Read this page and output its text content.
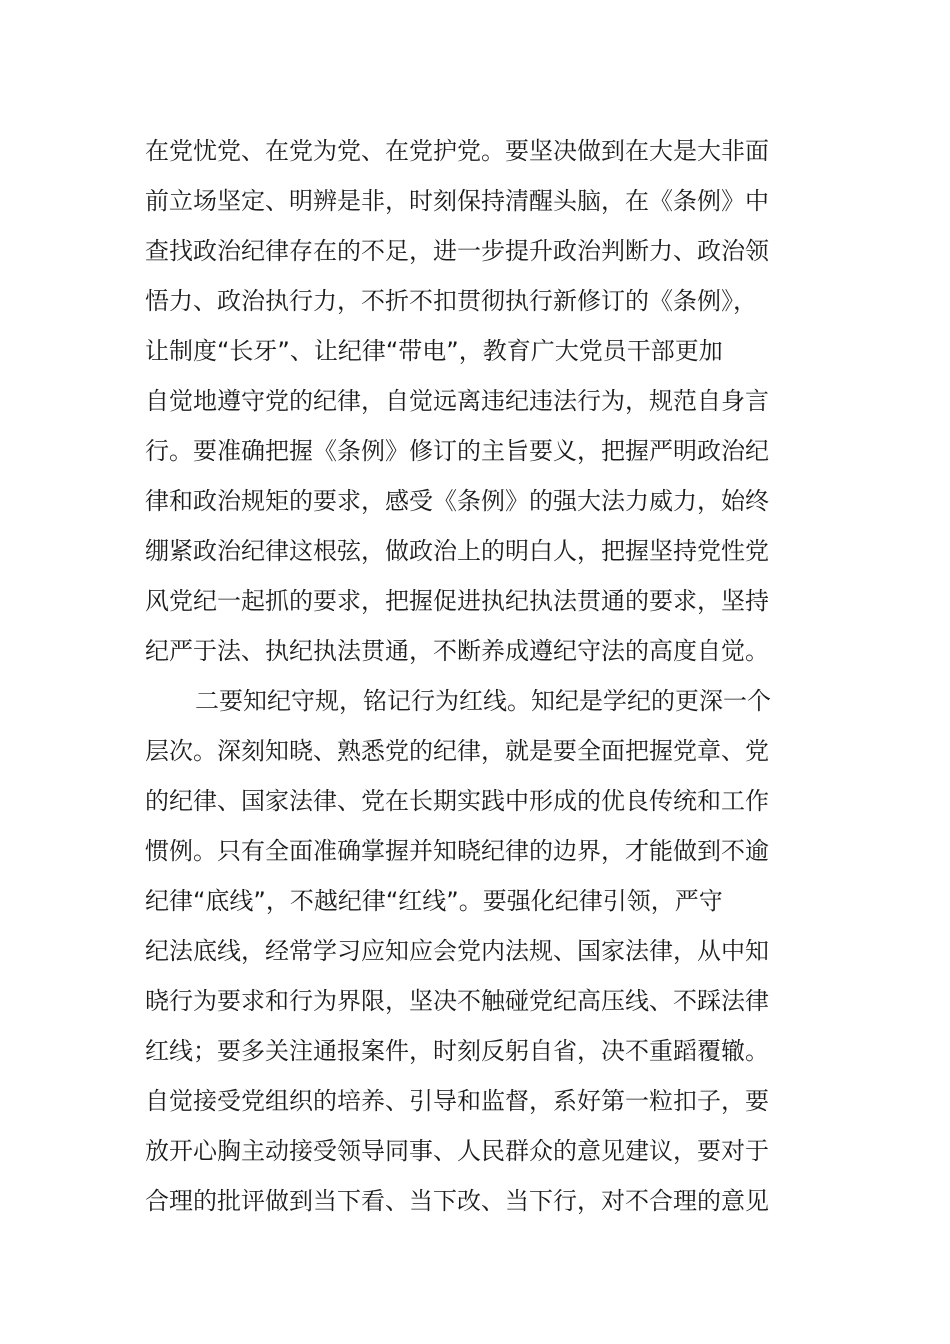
在党忧党、在党为党、在党护党。要坚决做到在大是大非面
前立场坚定、明辨是非，时刻保持清醒头脑，在《条例》中
查找政治纪律存在的不足，进一步提升政治判断力、政治领
悟力、政治执行力，不折不扣贯彻执行新修订的《条例》，
让制度“长牙”、让纪律“带电”，教育广大党员干部更加
自觉地遵守党的纪律，自觉远离违纪违法行为，规范自身言
行。要准确把握《条例》修订的主旨要义，把握严明政治纪
律和政治规矩的要求，感受《条例》的强大法力威力，始终
绷紧政治纪律这根弦，做政治上的明白人，把握坚持党性党
风党纪一起抓的要求，把握促进执纪执法贯通的要求，坚持
纪严于法、执纪执法贯通，不断养成遵纪守法的高度自觉。
二要知纪守规，铭记行为红线。知纪是学纪的更深一个
层次。深刻知晓、熟悉党的纪律，就是要全面把握党章、党
的纪律、国家法律、党在长期实践中形成的优良传统和工作
惯例。只有全面准确掌握并知晓纪律的边界，才能做到不逾
纪律“底线”，不越纪律“红线”。要强化纪律引领，严守
纪法底线，经常学习应知应会党内法规、国家法律，从中知
晓行为要求和行为界限，坚决不触碰党纪高压线、不踩法律
红线；要多关注通报案件，时刻反躬自省，决不重蹈覆辙。
自觉接受党组织的培养、引导和监督，系好第一粒扣子，要
放开心胸主动接受领导同事、人民群众的意见建议，要对于
合理的批评做到当下看、当下改、当下行，对不合理的意见
